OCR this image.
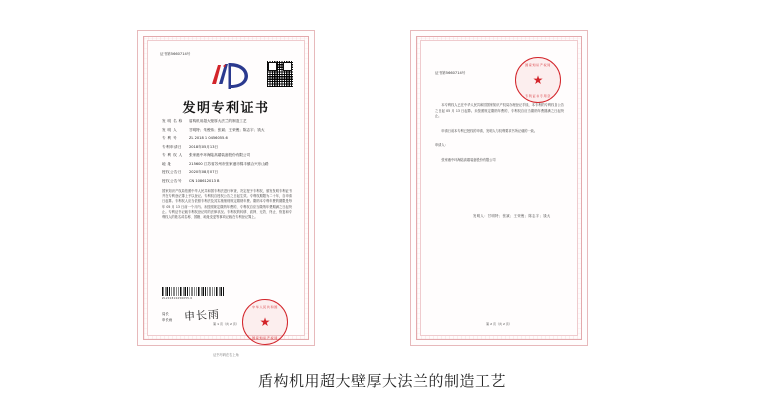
证书第5660714号
发明专利证书
发 明 名 称	盾构机用超大壁厚大法兰的制造工艺
发 明 人	甘明特；朱俊伟；张斌；王荣俊；陈志宇；钱大
专 利 号	ZL 2018 1 0456055.6
专利申请日	2018年05月13日
专 利 权 人	张家港中环海陆高端装备股份有限公司
地 址	215600 江苏省苏州市张家港市锦丰镇合兴东山路
授权公告日	2020年08月07日
授权公告号	CN 108612013 B
国家知识产权局依照中华人民共和国专利法进行审查，决定授予专利权，颁发发明专利证书并在专利登记簿上予以登记。专利权自授权公告之日起生效。专利权期限为二十年，自申请日起算。专利权人应当依照专利法及其实施细则规定缴纳年费。缴纳本专利年费的期限是每年 05 月 13 日前一个月内。未按照规定缴纳年费的，专利权自应当缴纳年费期满之日起终止。专利证书记载专利权登记时的法律状况。专利权的转移、质押、无效、终止、恢复和专利权人的姓名或名称、国籍、地址变更等事项记载在专利登记簿上。
ZL201810456055.6
局长
申长雨 申长雨
中华人民共和国
★
国家知识产权局
第 1 页（共 2 页）
证书号码在右上角
证书第5660714号
国家知识产权局
★
专利证书专用章
本专利权人已在中华人民共和国国家知识产权局办理登记手续，本专利的专利权自公告之日起 05 月 13 日起算。未按照规定缴纳年费的，专利权自应当缴纳年费期满之日起终止。
申请日前本专利已授权的申请，发明人与权利要求书所记载的一致。
申请人：
张家港中环海陆高端装备股份有限公司
发明人：甘明特；张斌；王荣俊；陈志宇；钱大
第 2 页（共 2 页）
盾构机用超大壁厚大法兰的制造工艺
